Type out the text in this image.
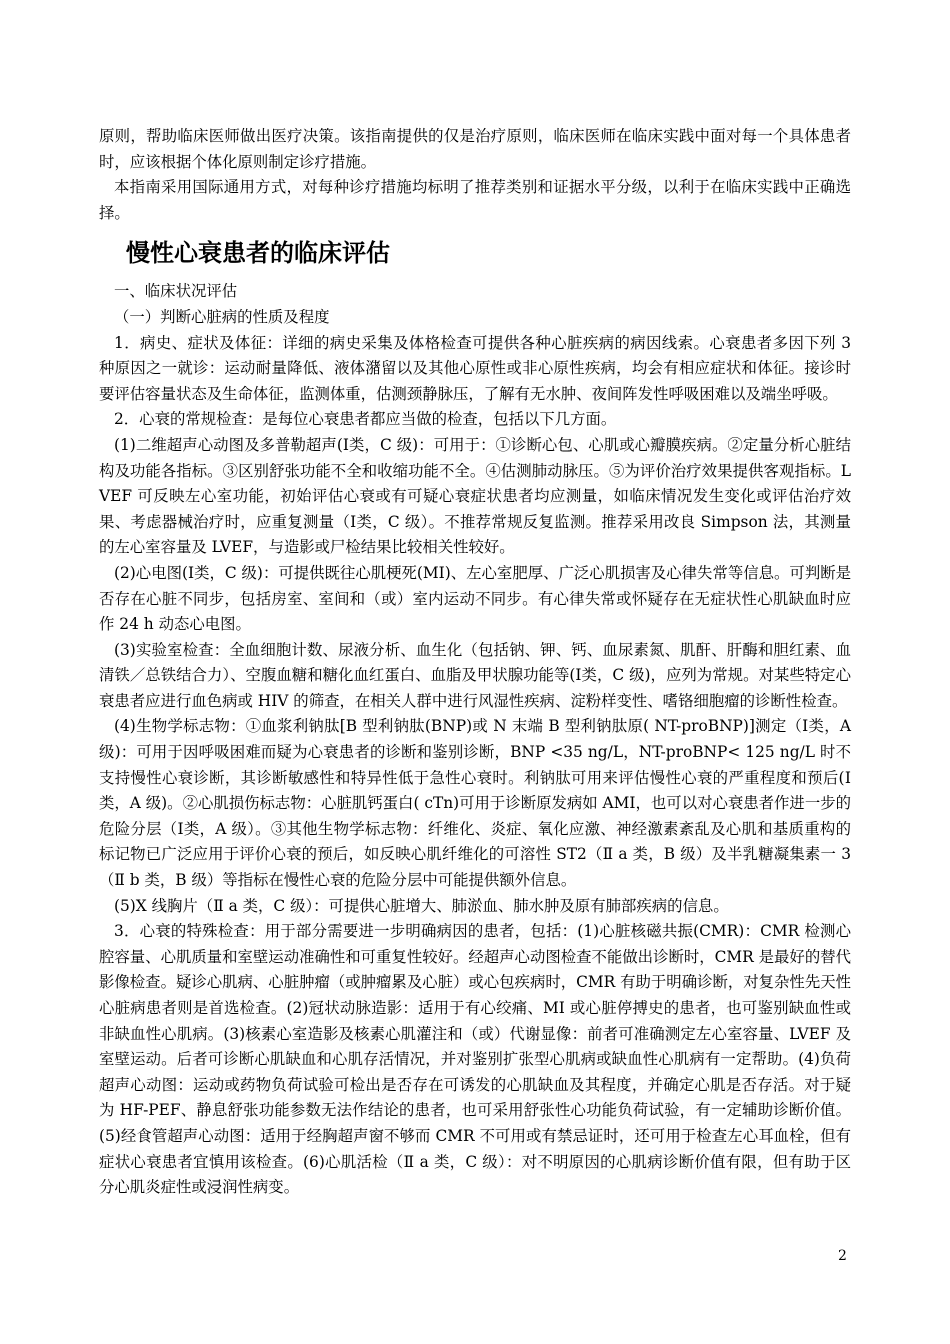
原则，帮助临床医师做出医疗决策。该指南提供的仅是治疗原则，临床医师在临床实践中面对每一个具体患者时，应该根据个体化原则制定诊疗措施。

本指南采用国际通用方式，对每种诊疗措施均标明了推荐类别和证据水平分级，以利于在临床实践中正确选择。

慢性心衰患者的临床评估

一、临床状况评估

（一）判断心脏病的性质及程度

1．病史、症状及体征：详细的病史采集及体格检查可提供各种心脏疾病的病因线索。心衰患者多因下列 3 种原因之一就诊：运动耐量降低、液体潴留以及其他心原性或非心原性疾病，均会有相应症状和体征。接诊时要评估容量状态及生命体征，监测体重，估测颈静脉压，了解有无水肿、夜间阵发性呼吸困难以及端坐呼吸。

2．心衰的常规检查：是每位心衰患者都应当做的检查，包括以下几方面。

(1)二维超声心动图及多普勒超声(Ⅰ类，C 级)：可用于：①诊断心包、心肌或心瓣膜疾病。②定量分析心脏结构及功能各指标。③区别舒张功能不全和收缩功能不全。④估测肺动脉压。⑤为评价治疗效果提供客观指标。LVEF 可反映左心室功能，初始评估心衰或有可疑心衰症状患者均应测量，如临床情况发生变化或评估治疗效果、考虑器械治疗时，应重复测量（Ⅰ类，C 级）。不推荐常规反复监测。推荐采用改良 Simpson 法，其测量的左心室容量及 LVEF，与造影或尸检结果比较相关性较好。

(2)心电图(Ⅰ类，C 级)：可提供既往心肌梗死(MI)、左心室肥厚、广泛心肌损害及心律失常等信息。可判断是否存在心脏不同步，包括房室、室间和（或）室内运动不同步。有心律失常或怀疑存在无症状性心肌缺血时应作 24 h 动态心电图。

(3)实验室检查：全血细胞计数、尿液分析、血生化（包括钠、钾、钙、血尿素氮、肌酐、肝酶和胆红素、血清铁／总铁结合力）、空腹血糖和糖化血红蛋白、血脂及甲状腺功能等(Ⅰ类，C 级)，应列为常规。对某些特定心衰患者应进行血色病或 HIV 的筛查，在相关人群中进行风湿性疾病、淀粉样变性、嗜铬细胞瘤的诊断性检查。

(4)生物学标志物：①血浆利钠肽[B 型利钠肽(BNP)或 N 末端 B 型利钠肽原( NT-proBNP)]测定（Ⅰ类，A 级)：可用于因呼吸困难而疑为心衰患者的诊断和鉴别诊断，BNP <35 ng/L，NT-proBNP< 125 ng/L 时不支持慢性心衰诊断，其诊断敏感性和特异性低于急性心衰时。利钠肽可用来评估慢性心衰的严重程度和预后(Ⅰ类，A 级)。②心肌损伤标志物：心脏肌钙蛋白( cTn)可用于诊断原发病如 AMI，也可以对心衰患者作进一步的危险分层（Ⅰ类，A 级）。③其他生物学标志物：纤维化、炎症、氧化应激、神经激素紊乱及心肌和基质重构的标记物已广泛应用于评价心衰的预后，如反映心肌纤维化的可溶性 ST2（Ⅱ a 类，B 级）及半乳糖凝集素一 3（Ⅱ b 类，B 级）等指标在慢性心衰的危险分层中可能提供额外信息。

(5)X 线胸片（Ⅱ a 类，C 级）：可提供心脏增大、肺淤血、肺水肿及原有肺部疾病的信息。

3．心衰的特殊检查：用于部分需要进一步明确病因的患者，包括：(1)心脏核磁共振(CMR)：CMR 检测心腔容量、心肌质量和室壁运动准确性和可重复性较好。经超声心动图检查不能做出诊断时，CMR 是最好的替代影像检查。疑诊心肌病、心脏肿瘤（或肿瘤累及心脏）或心包疾病时，CMR 有助于明确诊断，对复杂性先天性心脏病患者则是首选检查。(2)冠状动脉造影：适用于有心绞痛、MI 或心脏停搏史的患者，也可鉴别缺血性或非缺血性心肌病。(3)核素心室造影及核素心肌灌注和（或）代谢显像：前者可准确测定左心室容量、LVEF 及室壁运动。后者可诊断心肌缺血和心肌存活情况，并对鉴别扩张型心肌病或缺血性心肌病有一定帮助。(4)负荷超声心动图：运动或药物负荷试验可检出是否存在可诱发的心肌缺血及其程度，并确定心肌是否存活。对于疑为 HF-PEF、静息舒张功能参数无法作结论的患者，也可采用舒张性心功能负荷试验，有一定辅助诊断价值。(5)经食管超声心动图：适用于经胸超声窗不够而 CMR 不可用或有禁忌证时，还可用于检查左心耳血栓，但有症状心衰患者宜慎用该检查。(6)心肌活检（Ⅱ a 类，C 级）：对不明原因的心肌病诊断价值有限，但有助于区分心肌炎症性或浸润性病变。

2
